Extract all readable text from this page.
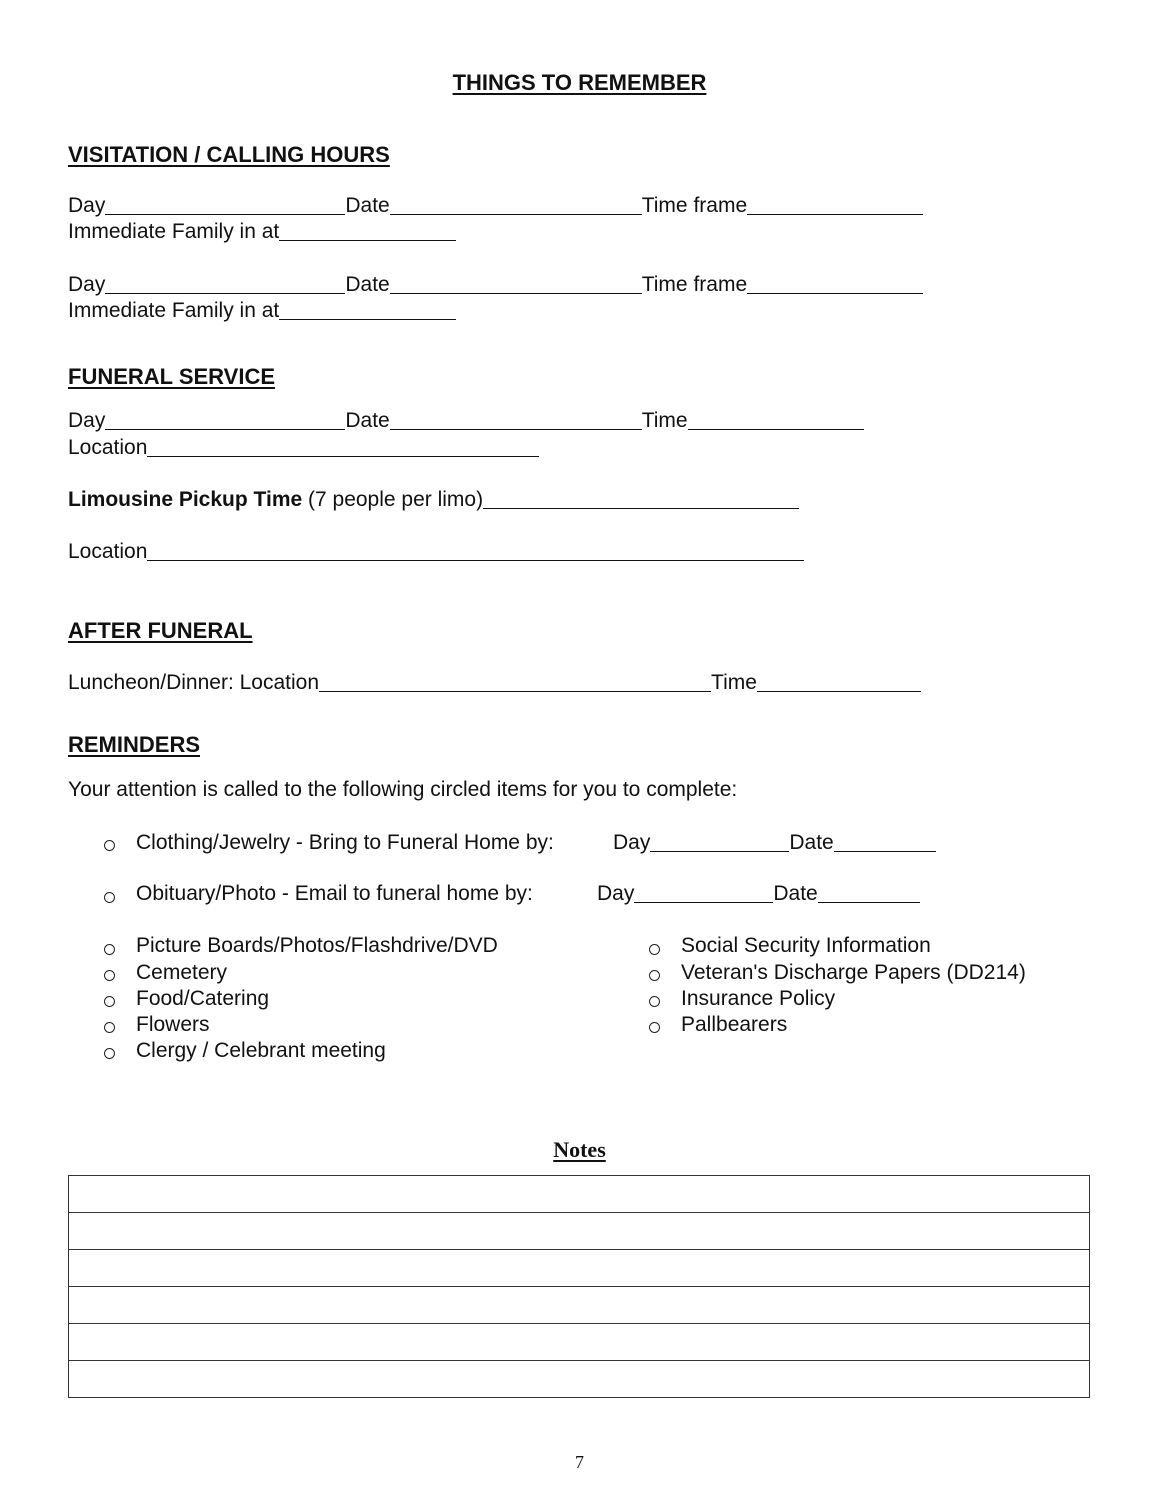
THINGS TO REMEMBER
VISITATION / CALLING HOURS
Day	Date	Time frame
Immediate Family in at
Day	Date	Time frame
Immediate Family in at
FUNERAL SERVICE
Day	Date	Time
Location
Limousine Pickup Time (7 people per limo)
Location
AFTER FUNERAL
Luncheon/Dinner: Location	Time
REMINDERS
Your attention is called to the following circled items for you to complete:
Clothing/Jewelry - Bring to Funeral Home by:	Day	Date
Obituary/Photo - Email to funeral home by:	Day	Date
Picture Boards/Photos/Flashdrive/DVD
Cemetery
Food/Catering
Flowers
Clergy / Celebrant meeting
Social Security Information
Veteran's Discharge Papers (DD214)
Insurance Policy
Pallbearers
Notes

7
